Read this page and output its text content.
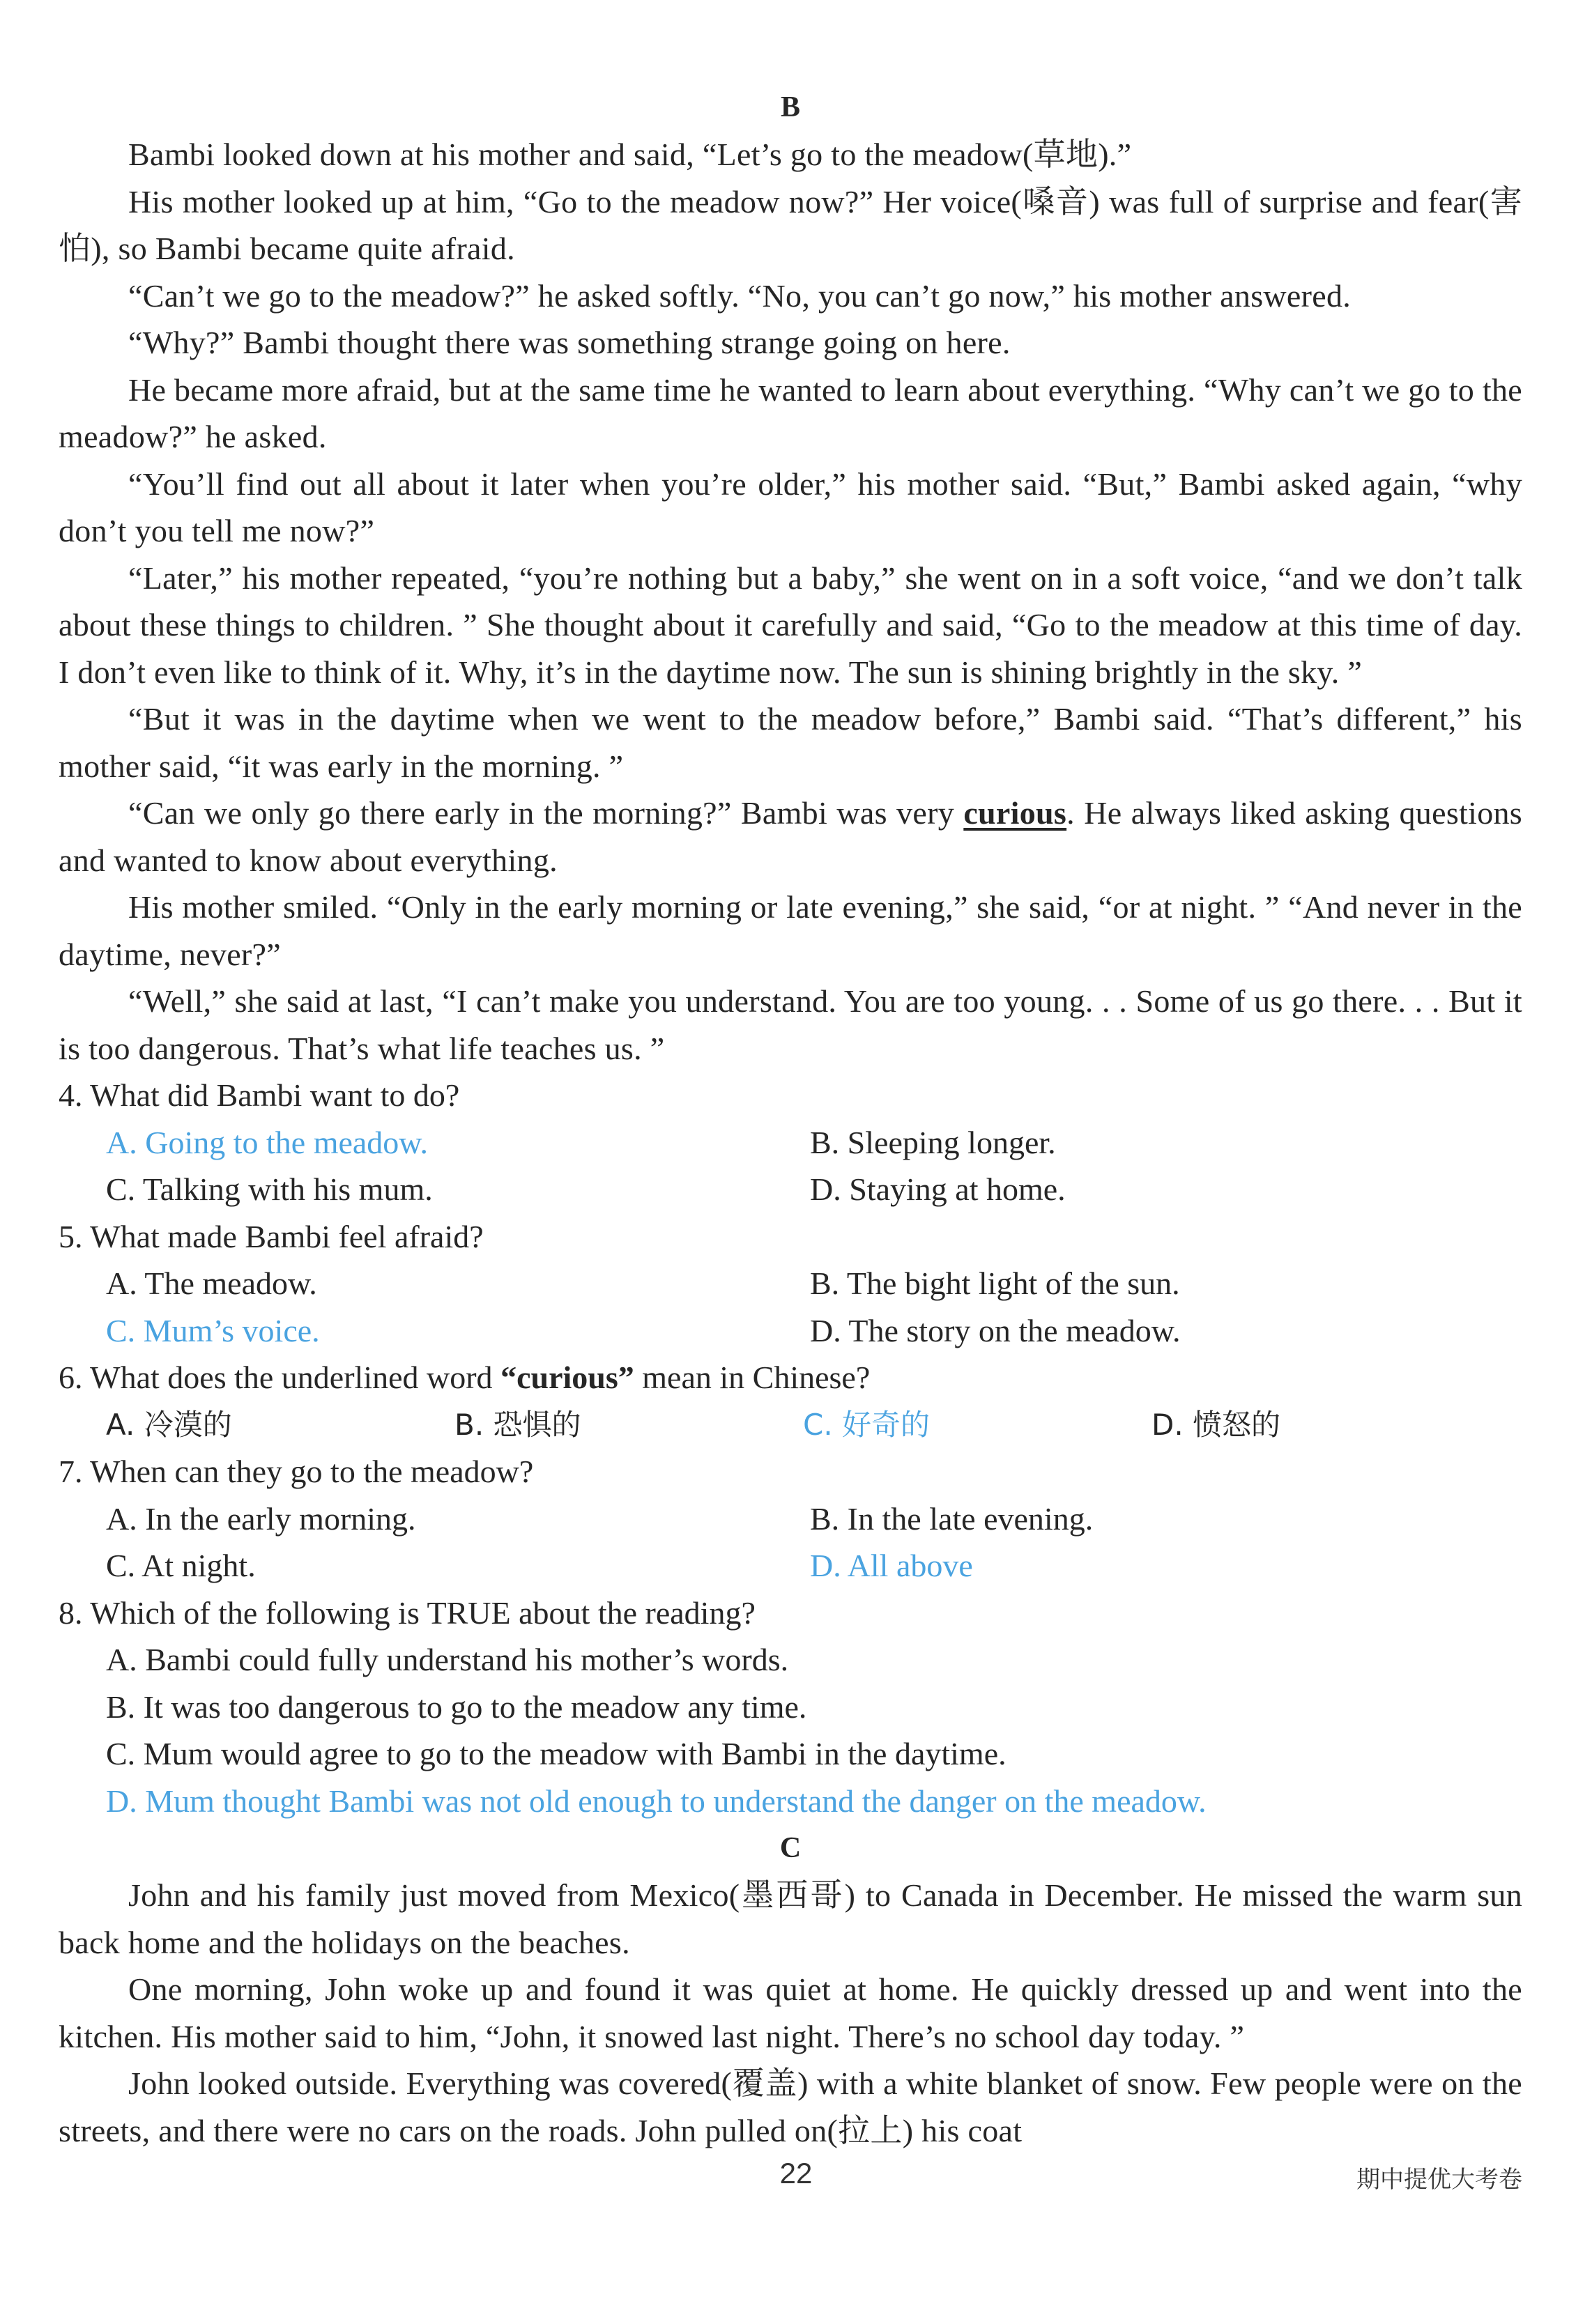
B

Bambi looked down at his mother and said, “Let’s go to the meadow(草地).”

His mother looked up at him, “Go to the meadow now?” Her voice(嗓音) was full of surprise and fear(害怕), so Bambi became quite afraid.

“Can’t we go to the meadow?” he asked softly. “No, you can’t go now,” his mother answered.

“Why?” Bambi thought there was something strange going on here.

He became more afraid, but at the same time he wanted to learn about everything. “Why can’t we go to the meadow?” he asked.

“You’ll find out all about it later when you’re older,” his mother said. “But,” Bambi asked again, “why don’t you tell me now?”

“Later,” his mother repeated, “you’re nothing but a baby,” she went on in a soft voice, “and we don’t talk about these things to children. ” She thought about it carefully and said, “Go to the meadow at this time of day. I don’t even like to think of it. Why, it’s in the daytime now. The sun is shining brightly in the sky. ”

“But it was in the daytime when we went to the meadow before,” Bambi said. “That’s different,” his mother said, “it was early in the morning. ”

“Can we only go there early in the morning?” Bambi was very curious. He always liked asking questions and wanted to know about everything.

His mother smiled. “Only in the early morning or late evening,” she said, “or at night. ” “And never in the daytime, never?”

“Well,” she said at last, “I can’t make you understand. You are too young. . . Some of us go there. . . But it is too dangerous. That’s what life teaches us. ”

4. What did Bambi want to do?

A. Going to the meadow.	B. Sleeping longer.
C. Talking with his mum.	D. Staying at home.

5. What made Bambi feel afraid?

A. The meadow.	B. The bight light of the sun.
C. Mum’s voice.	D. The story on the meadow.

6. What does the underlined word “curious” mean in Chinese?

A. 冷漠的	B. 恐惧的	C. 好奇的	D. 愤怒的

7. When can they go to the meadow?

A. In the early morning.	B. In the late evening.
C. At night.	D. All above

8. Which of the following is TRUE about the reading?

A. Bambi could fully understand his mother’s words.
B. It was too dangerous to go to the meadow any time.
C. Mum would agree to go to the meadow with Bambi in the daytime.
D. Mum thought Bambi was not old enough to understand the danger on the meadow.
C

John and his family just moved from Mexico(墨西哥) to Canada in December. He missed the warm sun back home and the holidays on the beaches.

One morning, John woke up and found it was quiet at home. He quickly dressed up and went into the kitchen. His mother said to him, “John, it snowed last night. There’s no school day today. ”

John looked outside. Everything was covered(覆盖) with a white blanket of snow. Few people were on the streets, and there were no cars on the roads. John pulled on(拉上) his coat

22	期中提优大考卷
